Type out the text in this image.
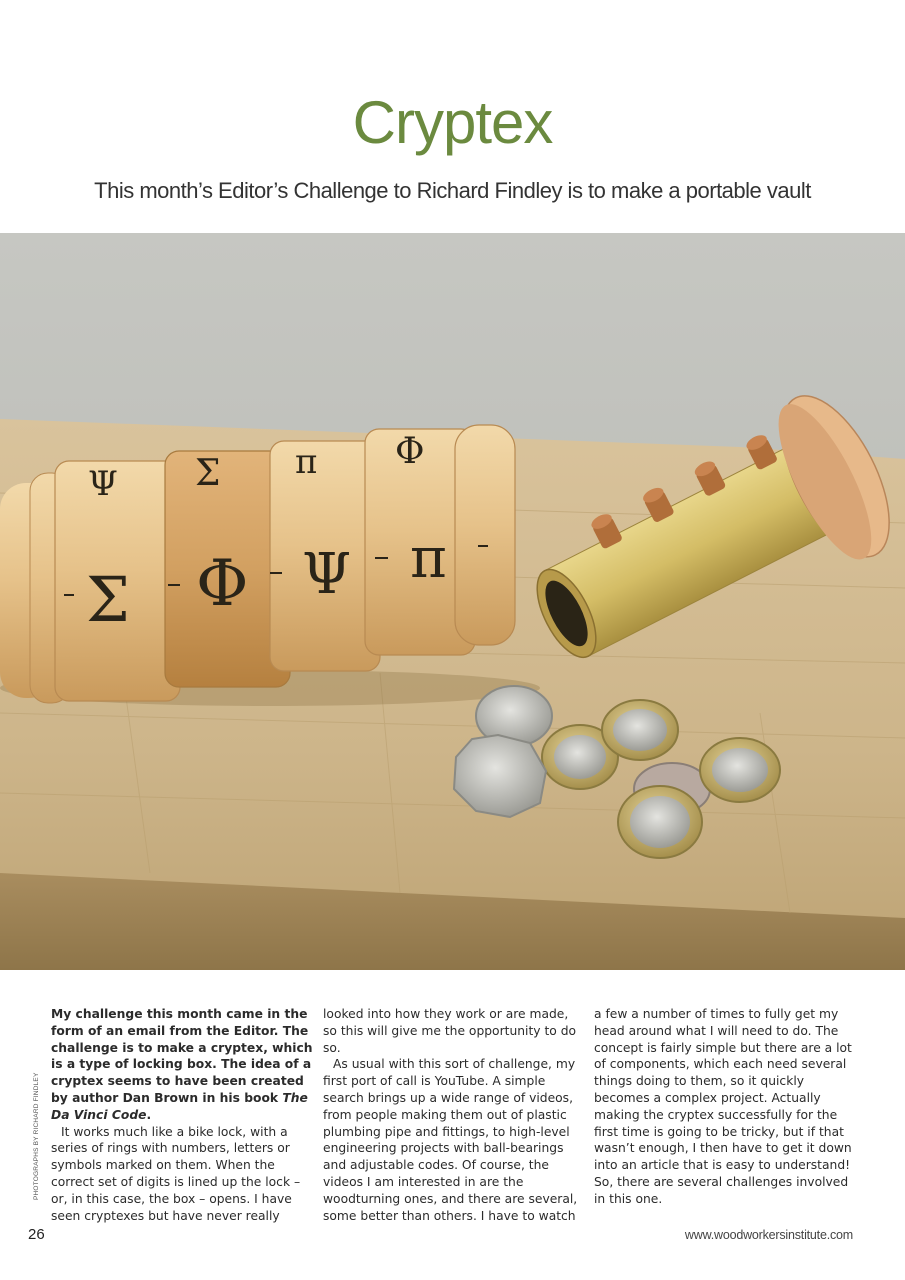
Cryptex

This month’s Editor’s Challenge to Richard Findley is to make a portable vault

Ψ Σ π Φ
Σ Φ Ψ π
PHOTOGRAPHS BY RICHARD FINDLEY

My challenge this month came in the form of an email from the Editor. The challenge is to make a cryptex, which is a type of locking box. The idea of a cryptex seems to have been created by author Dan Brown in his book The Da Vinci Code.

It works much like a bike lock, with a series of rings with numbers, letters or symbols marked on them. When the correct set of digits is lined up the lock – or, in this case, the box – opens. I have seen cryptexes but have never really

looked into how they work or are made, so this will give me the opportunity to do so.

As usual with this sort of challenge, my first port of call is YouTube. A simple search brings up a wide range of videos, from people making them out of plastic plumbing pipe and fittings, to high-level engineering projects with ball-bearings and adjustable codes. Of course, the videos I am interested in are the woodturning ones, and there are several, some better than others. I have to watch

a few a number of times to fully get my head around what I will need to do. The concept is fairly simple but there are a lot of components, which each need several things doing to them, so it quickly becomes a complex project. Actually making the cryptex successfully for the first time is going to be tricky, but if that wasn’t enough, I then have to get it down into an article that is easy to understand! So, there are several challenges involved in this one.

26	www.woodworkersinstitute.com
